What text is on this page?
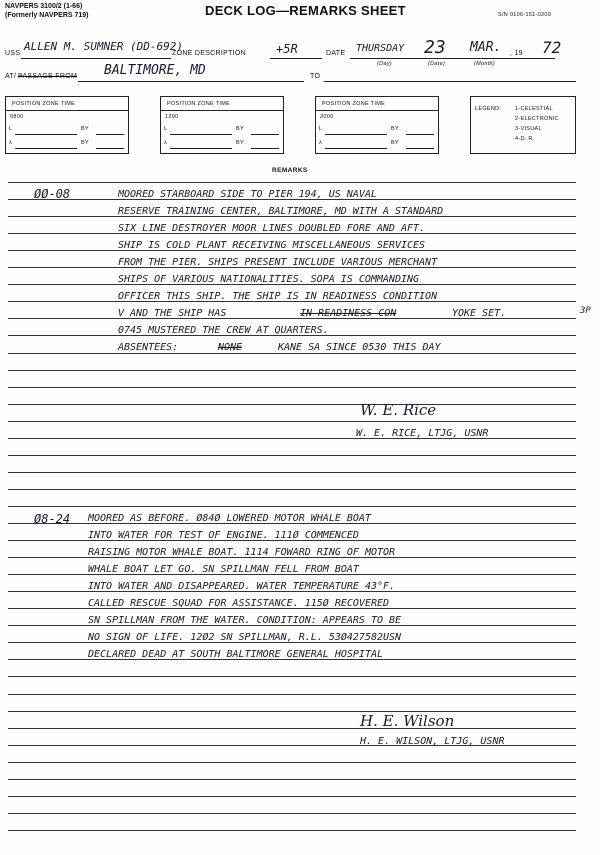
NAVPERS 3100/2 (1-66)
(Formerly NAVPERS 719)	DECK LOG—REMARKS SHEET	S/N 0106-151-0200
USS
ALLEN M. SUMNER (DD-692)
ZONE DESCRIPTION +5R	DATE THURSDAY 23 MAR. , 19 72
(Day)	(Date)	(Month)
AT/ PASSAGE FROM BALTIMORE, MD	TO
POSITION ZONE TIME
0800
L	BY
λ	BY
POSITION ZONE TIME
1200
L	BY
λ	BY
POSITION ZONE TIME
2000
L	BY
λ	BY
LEGEND:	1-CELESTIAL
2-ELECTRONIC
3-VISUAL
4-D. R.
REMARKS
ØØ-08	MOORED STARBOARD SIDE TO PIER 194, US NAVAL
RESERVE TRAINING CENTER, BALTIMORE, MD WITH A STANDARD
SIX LINE DESTROYER MOOR LINES DOUBLED FORE AND AFT.
SHIP IS COLD PLANT RECEIVING MISCELLANEOUS SERVICES
FROM THE PIER. SHIPS PRESENT INCLUDE VARIOUS MERCHANT
SHIPS OF VARIOUS NATIONALITIES. SOPA IS COMMANDING
OFFICER THIS SHIP. THE SHIP IS IN READINESS CONDITION
V AND THE SHIP HAS	IN READINESS CON	YOKE SET.	3P
0745 MUSTERED THE CREW AT QUARTERS.
ABSENTEES:	NONE	KANE SA SINCE 0530 THIS DAY
W. E. Rice
W. E. RICE, LTJG, USNR
Ø8-24 MOORED AS BEFORE. Ø84Ø LOWERED MOTOR WHALE BOAT
INTO WATER FOR TEST OF ENGINE. 111Ø COMMENCED
RAISING MOTOR WHALE BOAT. 1114 FOWARD RING OF MOTOR
WHALE BOAT LET GO. SN SPILLMAN FELL FROM BOAT
INTO WATER AND DISAPPEARED. WATER TEMPERATURE 43°F.
CALLED RESCUE SQUAD FOR ASSISTANCE. 115Ø RECOVERED
SN SPILLMAN FROM THE WATER. CONDITION: APPEARS TO BE
NO SIGN OF LIFE. 12Ø2 SN SPILLMAN, R.L. 53Ø427582USN
DECLARED DEAD AT SOUTH BALTIMORE GENERAL HOSPITAL
H. E. Wilson
H. E. WILSON, LTJG, USNR
